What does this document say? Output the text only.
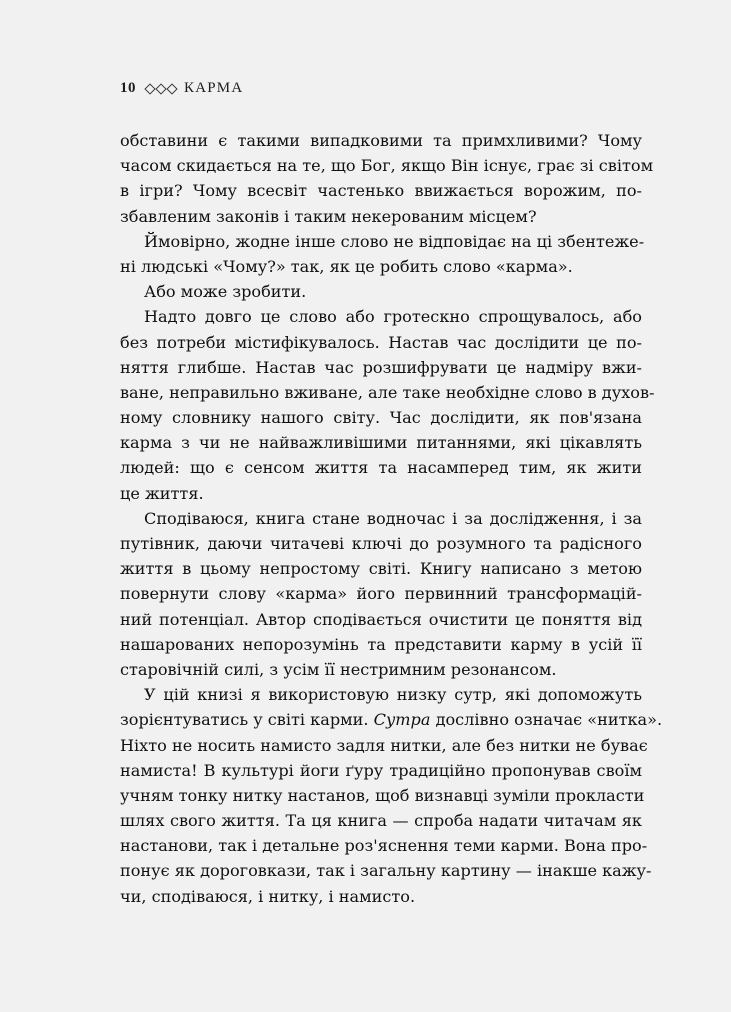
10	КАРМА
обставини є такими випадковими та примхливими? Чому
часом скидається на те, що Бог, якщо Він існує, грає зі світом
в ігри? Чому всесвіт частенько ввижається ворожим, по-
збавленим законів і таким некерованим місцем?
Ймовірно, жодне інше слово не відповідає на ці збентеже-
ні людські «Чому?» так, як це робить слово «карма».
Або може зробити.
Надто довго це слово або гротескно спрощувалось, або
без потреби містифікувалось. Настав час дослідити це по-
няття глибше. Настав час розшифрувати це надміру вжи-
ване, неправильно вживане, але таке необхідне слово в духов-
ному словнику нашого світу. Час дослідити, як пов'язана
карма з чи не найважливішими питаннями, які цікавлять
людей: що є сенсом життя та насамперед тим, як жити
це життя.
Сподіваюся, книга стане водночас і за дослідження, і за
путівник, даючи читачеві ключі до розумного та радісного
життя в цьому непростому світі. Книгу написано з метою
повернути слову «карма» його первинний трансформацій-
ний потенціал. Автор сподівається очистити це поняття від
нашарованих непорозумінь та представити карму в усій її
старовічній силі, з усім її нестримним резонансом.
У цій книзі я використовую низку сутр, які допоможуть
зорієнтуватись у світі карми. Сутра дослівно означає «нитка».
Ніхто не носить намисто задля нитки, але без нитки не буває
намиста! В культурі йоги ґуру традиційно пропонував своїм
учням тонку нитку настанов, щоб визнавці зуміли прокласти
шлях свого життя. Та ця книга — спроба надати читачам як
настанови, так і детальне роз'яснення теми карми. Вона про-
понує як дороговкази, так і загальну картину — інакше кажу-
чи, сподіваюся, і нитку, і намисто.
